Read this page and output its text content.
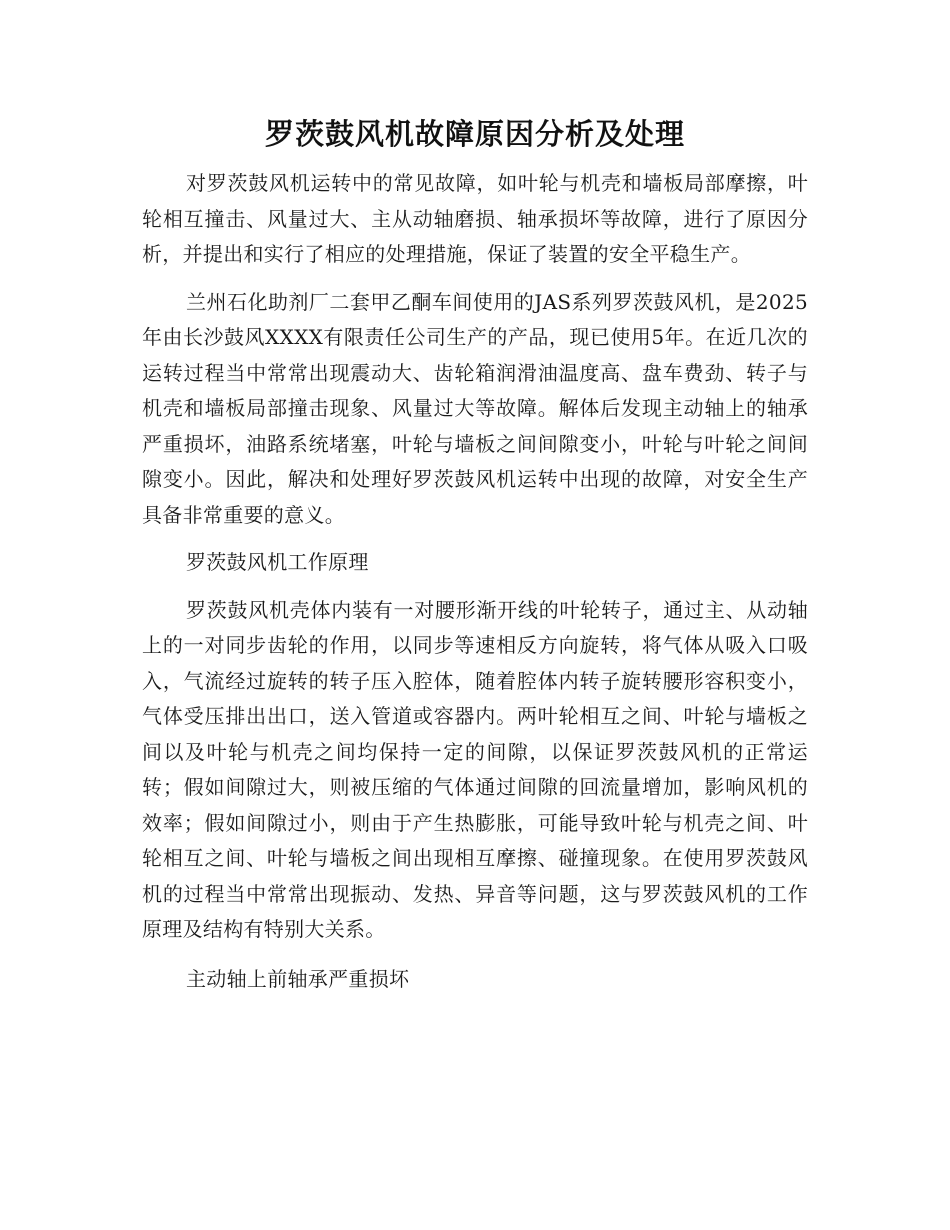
罗茨鼓风机故障原因分析及处理

对罗茨鼓风机运转中的常见故障，如叶轮与机壳和墙板局部摩擦，叶轮相互撞击、风量过大、主从动轴磨损、轴承损坏等故障，进行了原因分析，并提出和实行了相应的处理措施，保证了装置的安全平稳生产。

兰州石化助剂厂二套甲乙酮车间使用的JAS系列罗茨鼓风机，是2025年由长沙鼓风XXXX有限责任公司生产的产品，现已使用5年。在近几次的运转过程当中常常出现震动大、齿轮箱润滑油温度高、盘车费劲、转子与机壳和墙板局部撞击现象、风量过大等故障。解体后发现主动轴上的轴承严重损坏，油路系统堵塞，叶轮与墙板之间间隙变小，叶轮与叶轮之间间隙变小。因此，解决和处理好罗茨鼓风机运转中出现的故障，对安全生产具备非常重要的意义。

罗茨鼓风机工作原理

罗茨鼓风机壳体内装有一对腰形渐开线的叶轮转子，通过主、从动轴上的一对同步齿轮的作用，以同步等速相反方向旋转，将气体从吸入口吸入，气流经过旋转的转子压入腔体，随着腔体内转子旋转腰形容积变小，气体受压排出出口，送入管道或容器内。两叶轮相互之间、叶轮与墙板之间以及叶轮与机壳之间均保持一定的间隙，以保证罗茨鼓风机的正常运转；假如间隙过大，则被压缩的气体通过间隙的回流量增加，影响风机的效率；假如间隙过小，则由于产生热膨胀，可能导致叶轮与机壳之间、叶轮相互之间、叶轮与墙板之间出现相互摩擦、碰撞现象。在使用罗茨鼓风机的过程当中常常出现振动、发热、异音等问题，这与罗茨鼓风机的工作原理及结构有特别大关系。

主动轴上前轴承严重损坏
